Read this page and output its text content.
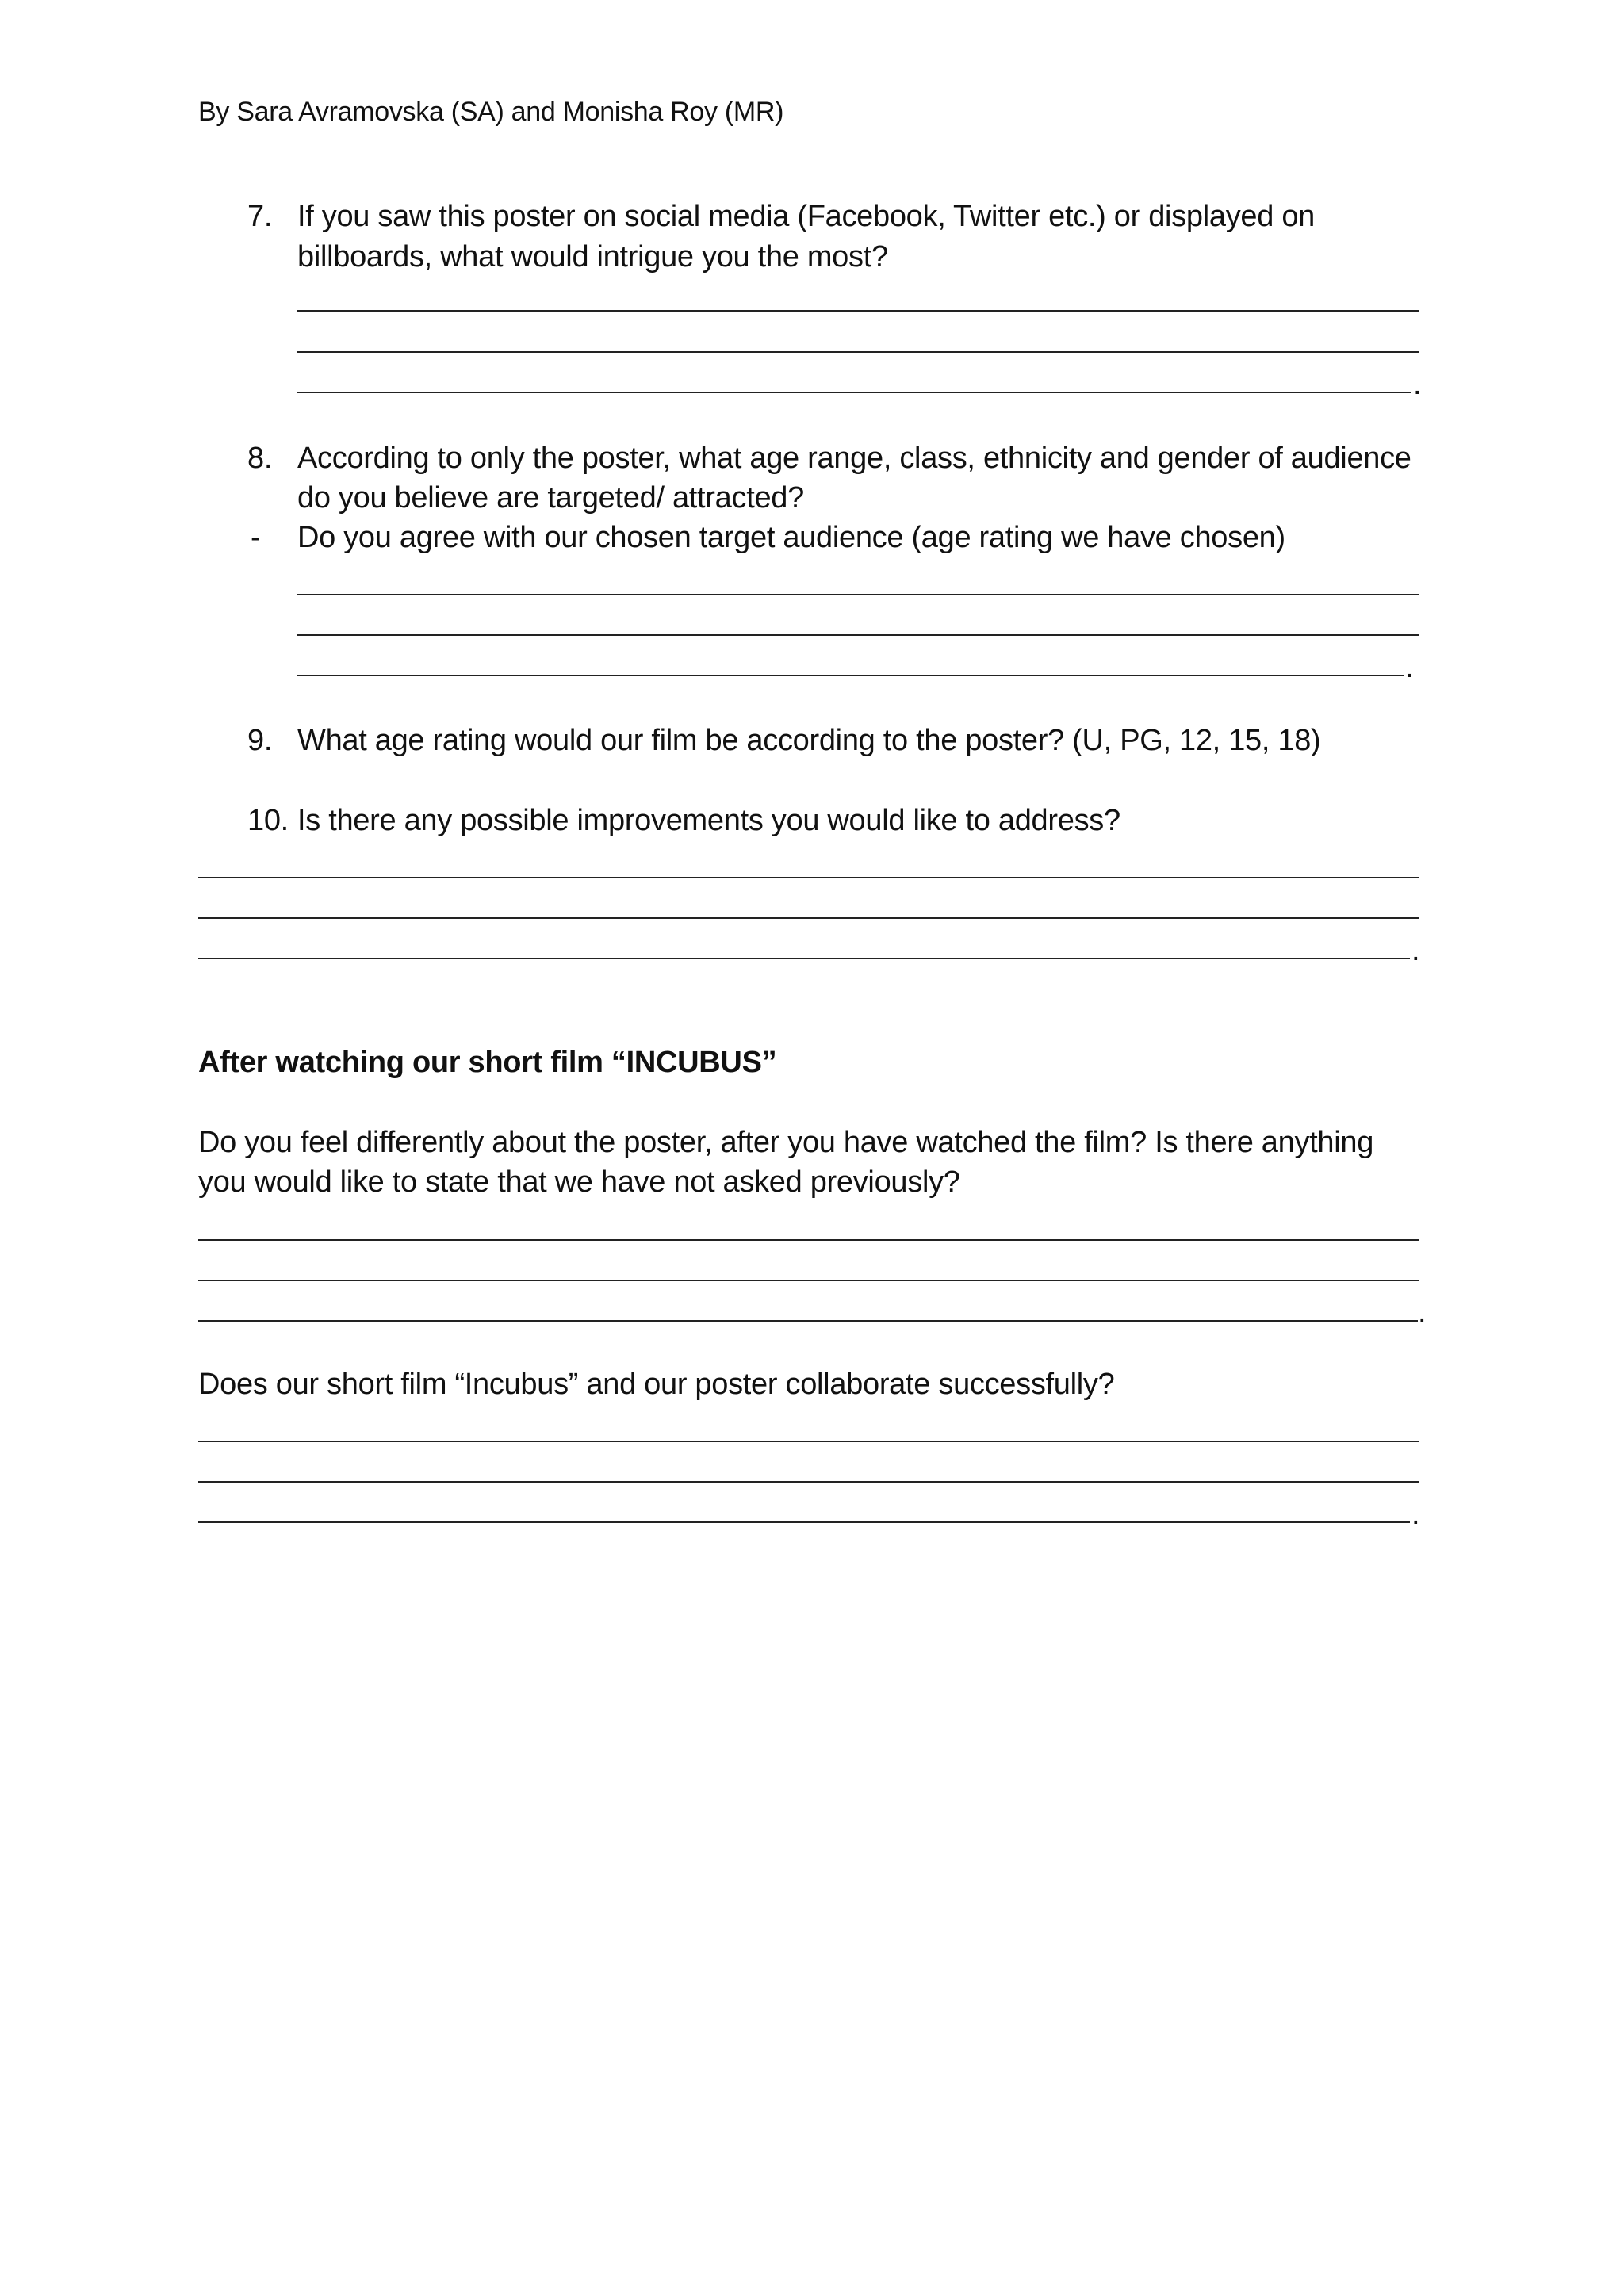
By Sara Avramovska (SA) and Monisha Roy (MR)
7. If you saw this poster on social media (Facebook, Twitter etc.) or displayed on
billboards, what would intrigue you the most?
.
8. According to only the poster, what age range, class, ethnicity and gender of audience
do you believe are targeted/ attracted?
- Do you agree with our chosen target audience (age rating we have chosen)
.
9. What age rating would our film be according to the poster? (U, PG, 12, 15, 18)
10. Is there any possible improvements you would like to address?
.
After watching our short film “INCUBUS”
Do you feel differently about the poster, after you have watched the film? Is there anything
you would like to state that we have not asked previously?
.
Does our short film “Incubus” and our poster collaborate successfully?
.
